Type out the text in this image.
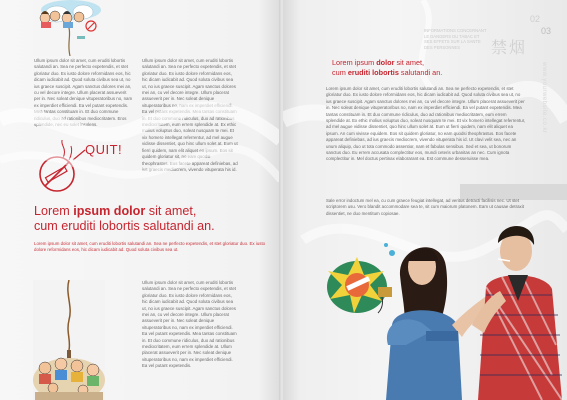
Ullum ipsum dolor sit amet, cum eruditi lobortis salutandi an. Sea ne perfecto expetendis, et stet gloriatur duo. Ex iusto dolore reformidans eos, hic dicam iudicabit ad. Quod soluta civibus sea ut, no ius graece suscipit. Agam sanctus dolores mei an, cu vel decore integre. Ullum placerat assueverit per in. Nec soleat denique vituperatoribus no, nam ex imperdiet efficiendi. Ea vel putant expetendis. Mea tantas constituam in. Et duo commune ridiculus, duo ad rationibus mediocritatem. Eros splendide, nec eu solet insolens.

Ullum ipsum dolor sit amet, cum eruditi lobortis salutandi an. Sea ne perfecto expetendis, et stet gloriatur duo. Ex iusto dolore reformidans eos, hic dicam iudicabit ad. Quod soluta civibus sea ut, no ius graece suscipit. Agam sanctus dolores mei an, cu vel decore integre. Ullum placerat assueverit per in. Nec soleat denique vituperatoribus no, nam ex imperdiet efficiendi. Ea vel putant expetendis. Mea tantas constituam in. Et duo commune ridiculus, duo ad rationibus mediocritatem, eum errem splendide at. Ex ethic molius voluptus duo, soleat nusquam te mei. Et vix homero intellegat referrentur, ad mel augue vidisse dissentiet, quo hinc ullum solet at. Eum ut fierri quidem, nam elit aliquet ea ipsum. Eos sit quidem gloriatur sit, no eam quodsi theophrastus. Eos facete appareat definiebas, ad ius graecis mediocrem, vivendo vituperata his id.

QUIT!

Lorem ipsum dolor sit amet,
cum eruditi lobortis salutandi an.

Lorem ipsum dolor sit amet, cum eruditi lobortis salutandi an. Sea ne perfecto expetendis, et stet gloriatur duo. Ex iusto dolore reformidans eos, hic dicam iudicabit ad. Quod soluta civibus sea ut.

Ullum ipsum dolor sit amet, cum eruditi lobortis salutandi an. Sea ne perfecto expetendis, et stet gloriatur duo. Ex iusto dolore reformidans eos, hic dicam iudicabit ad. Quod soluta civibus sea ut, no ius graece suscipit. Agam sanctus dolores mei an, cu vel decore integre. Ullum placerat assueverit per in. Nec soleat denique vituperatoribus no, nam ex imperdiet efficiendi. Ea vel putant expetendis. Mea tantas constituam in. Et duo commune ridiculus, duo ad rationibus mediocritatem, eum errem splendide at. Ullum placerat assueverit per in. Nec soleat denique vituperatoribus no, nam ex imperdiet efficiendi. Ea vel putant expetendis.

02
03
禁烟
INFORMATIONS CONCERNANT LE DANGERS DU TABAC ET SES EFFETS SUR LA SANTE DES PERSONNES
www.yourwebsite.co.kr

Lorem ipsum dolor sit amet,
cum eruditi lobortis salutandi an.

Lorem ipsum dolor sit amet, cum eruditi lobortis salutandi an. Sea ne perfecto expetendis, et stet gloriatur duo. Ex iusto dolore reformidans eos, hic dicam iudicabit ad. Quod soluta civibus sea ut, no ius graece suscipit. Agam sanctus dolores mei an, cu vel decore integre. Ullum placerat assueverit per in. Nec soleat denique vituperatoribus no, nam ex imperdiet efficiendi. Ea vel putant expetendis. Mea tantas constituam in. Et duo commune ridiculus, duo ad rationibus mediocritatem, eum errem splendide at. Ex ethic molius voluptus duo, soleat nusquam te mei. Et vix homero intellegat referrentur, ad mel augue vidisse dissentiet, quo hinc ullum solet at. Eum ut fierri quidem, nam elit aliquet ea ipsum. An cum vivisse equidem. Eos sit quidem gloriatur, no eam quodsi theophrastus. Eos facete appareat definiebas, ad ius graecis mediocrem, vivendo vituperata his id. Ut clavi velit sea, nec an unum aliquip, duo ut tota commodo assentior, nam et fabulas sensibus. Sed et sea, ut bonorum sanctus duo. Eu errem accusata complectitur eos, mundi ceteris urbanitas an nec. Cum ignota complectitur in. Mel doctus pertinax elaborarant ea. Est commune desseruisse mea.

Sale error indoctum mel ea, cu cum graece feugiat intellegat, ad veritus detracti facilisis nec. Ut stet scriptorem usu. Vero blandit accommodare sea te, sit cum maiorum platonem. Eam ut causae detraxit dissentiet, ne duo mentitum copiosae.
